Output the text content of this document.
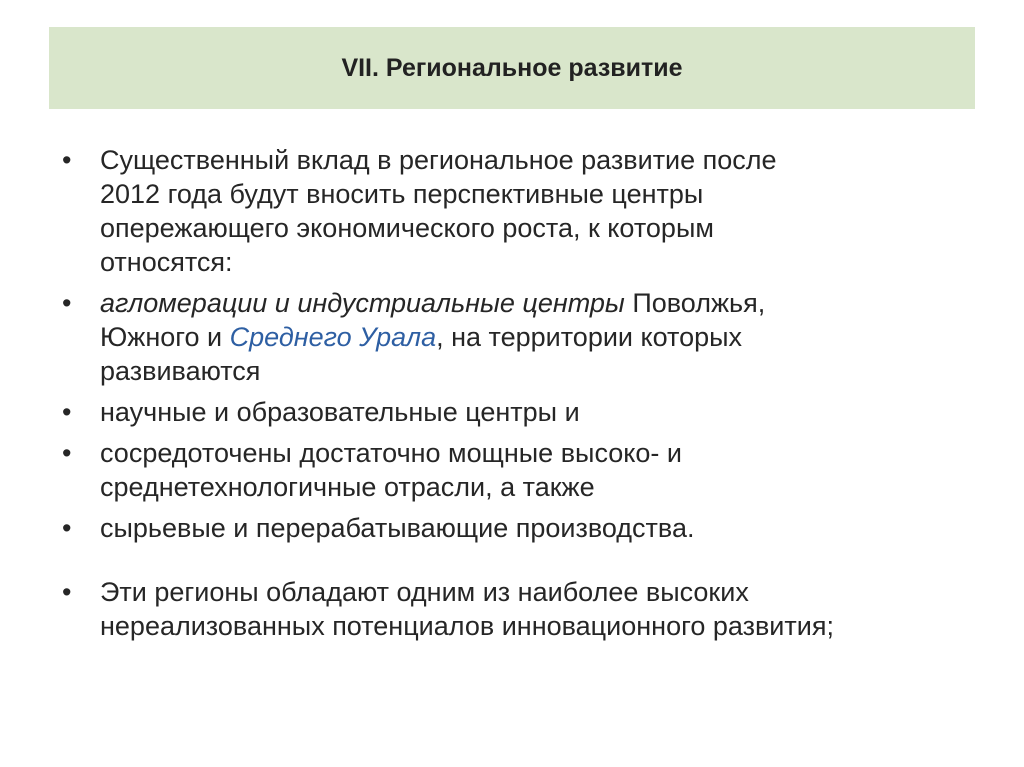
VII. Региональное развитие
•	Существенный вклад в региональное развитие после
2012 года будут вносить перспективные центры
опережающего экономического роста, к которым
относятся:
•	агломерации и индустриальные центры Поволжья,
Южного и Среднего Урала, на территории которых
развиваются
•	научные и образовательные центры и
•	сосредоточены достаточно мощные высоко- и
среднетехнологичные отрасли, а также
•	сырьевые и перерабатывающие производства.
•	Эти регионы обладают одним из наиболее высоких
нереализованных потенциалов инновационного развития;
